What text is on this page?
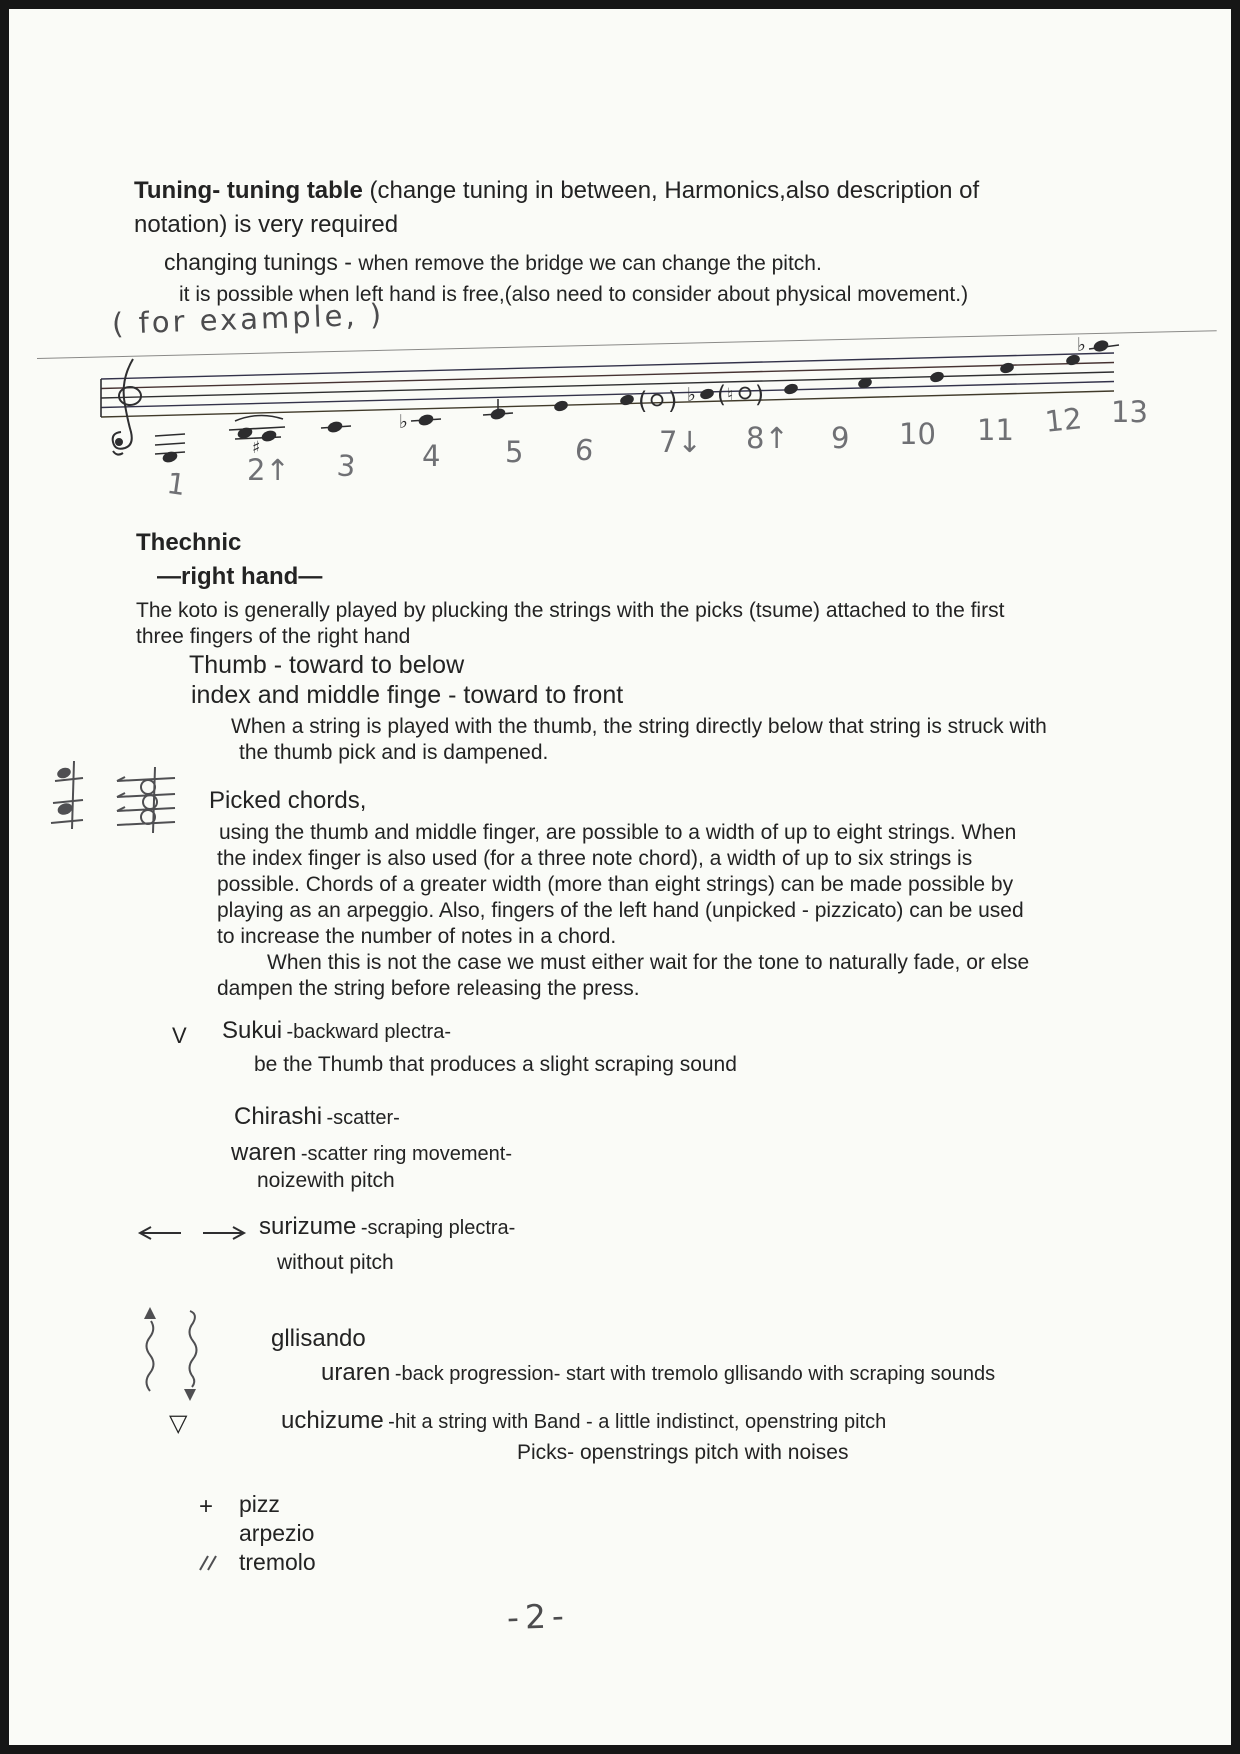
Tuning- tuning table (change tuning in between, Harmonics,also description of
notation) is very required
changing tunings - when remove the bridge we can change the pitch.
it is possible when left hand is free,(also need to consider about physical movement.)
( for example, )
♯
♭
( ) ♭ ( ♮ )
♭
1 2↑ 3 4 5 6 7↓ 8↑ 9 10 11 12 13
Thechnic
—right hand—
The koto is generally played by plucking the strings with the picks (tsume) attached to the first
three fingers of the right hand
Thumb - toward to below
index and middle finge - toward to front
When a string is played with the thumb, the string directly below that string is struck with
the thumb pick and is dampened.
Picked chords,
using the thumb and middle finger, are possible to a width of up to eight strings. When
the index finger is also used (for a three note chord), a width of up to six strings is
possible. Chords of a greater width (more than eight strings) can be made possible by
playing as an arpeggio. Also, fingers of the left hand (unpicked - pizzicato) can be used
to increase the number of notes in a chord.
When this is not the case we must either wait for the tone to naturally fade, or else
dampen the string before releasing the press.
V Sukui -backward plectra-
be the Thumb that produces a slight scraping sound
Chirashi -scatter-
waren -scatter ring movement-
noizewith pitch
surizume -scraping plectra-
without pitch
gllisando
uraren -back progression- start with tremolo gllisando with scraping sounds
▽	uchizume -hit a string with Band - a little indistinct, openstring pitch
Picks- openstrings pitch with noises
+ pizz
arpezio
tremolo
-2-
